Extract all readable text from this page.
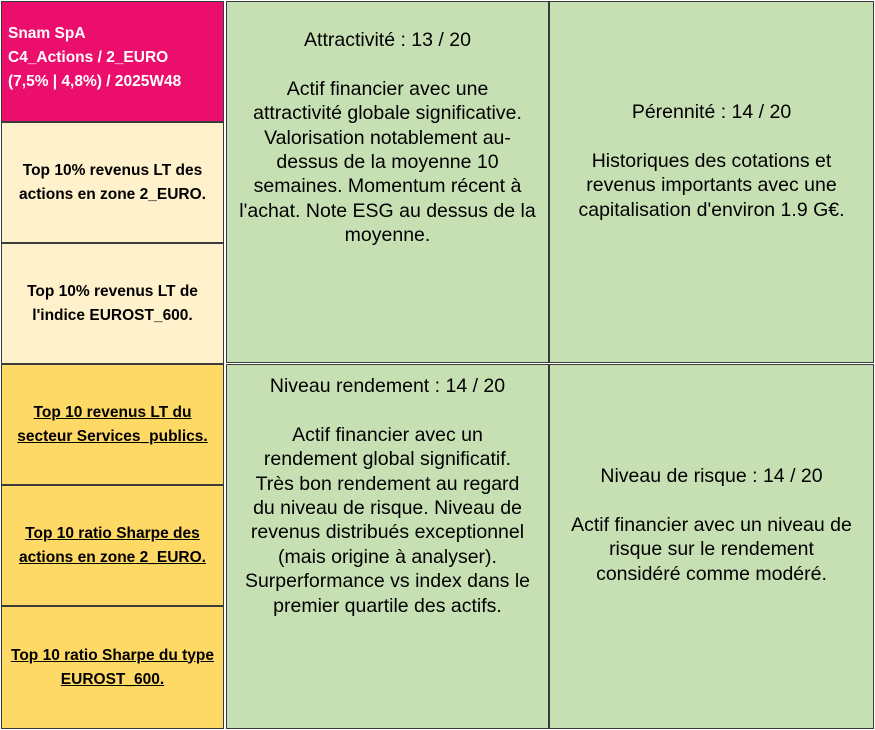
Snam SpA
C4_Actions / 2_EURO
(7,5% | 4,8%) / 2025W48
Top 10% revenus LT des actions en zone 2_EURO.
Top 10% revenus LT de l'indice EUROST_600.
Top 10 revenus LT du secteur Services_publics.
Top 10 ratio Sharpe des actions en zone 2_EURO.
Top 10 ratio Sharpe du type EUROST_600.
Attractivité : 13 / 20
Actif financier avec une
attractivité globale significative.
Valorisation notablement au-
dessus de la moyenne 10
semaines. Momentum récent à
l'achat. Note ESG au dessus de la
moyenne.
Pérennité : 14 / 20
Historiques des cotations et
revenus importants avec une
capitalisation d'environ 1.9 G€.
Niveau rendement : 14 / 20
Actif financier avec un
rendement global significatif.
Très bon rendement au regard
du niveau de risque. Niveau de
revenus distribués exceptionnel
(mais origine à analyser).
Surperformance vs index dans le
premier quartile des actifs.
Niveau de risque : 14 / 20
Actif financier avec un niveau de
risque sur le rendement
considéré comme modéré.
